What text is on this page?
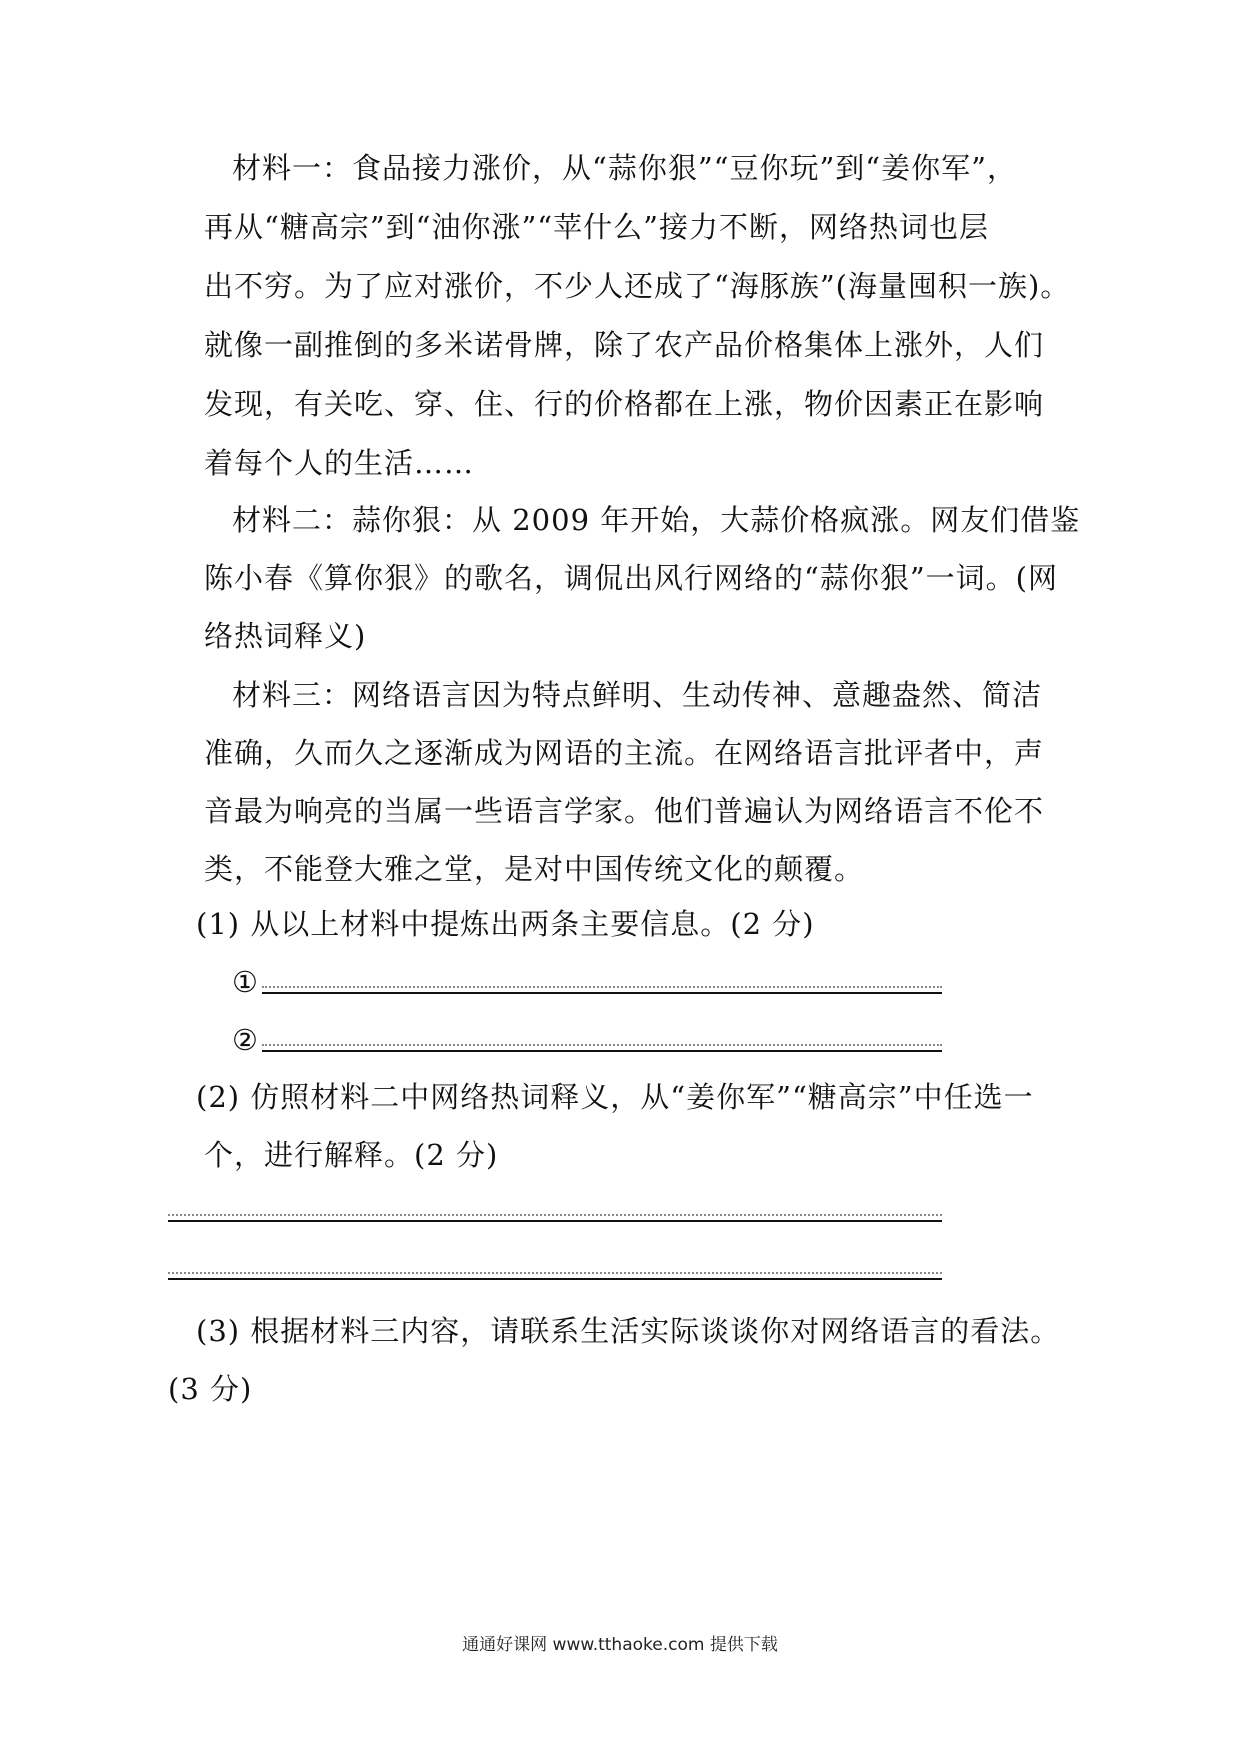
材料一：食品接力涨价，从“蒜你狠”“豆你玩”到“姜你军”，
再从“糖高宗”到“油你涨”“苹什么”接力不断，网络热词也层
出不穷。为了应对涨价，不少人还成了“海豚族”(海量囤积一族)。
就像一副推倒的多米诺骨牌，除了农产品价格集体上涨外，人们
发现，有关吃、穿、住、行的价格都在上涨，物价因素正在影响
着每个人的生活……
材料二：蒜你狠：从 2009 年开始，大蒜价格疯涨。网友们借鉴
陈小春《算你狠》的歌名，调侃出风行网络的“蒜你狠”一词。(网
络热词释义)
材料三：网络语言因为特点鲜明、生动传神、意趣盎然、简洁
准确，久而久之逐渐成为网语的主流。在网络语言批评者中，声
音最为响亮的当属一些语言学家。他们普遍认为网络语言不伦不
类，不能登大雅之堂，是对中国传统文化的颠覆。
(1) 从以上材料中提炼出两条主要信息。(2 分)
①
②
(2) 仿照材料二中网络热词释义，从“姜你军”“糖高宗”中任选一
个，进行解释。(2 分)
(3) 根据材料三内容，请联系生活实际谈谈你对网络语言的看法。
(3 分)
通通好课网 www.tthaoke.com 提供下载
